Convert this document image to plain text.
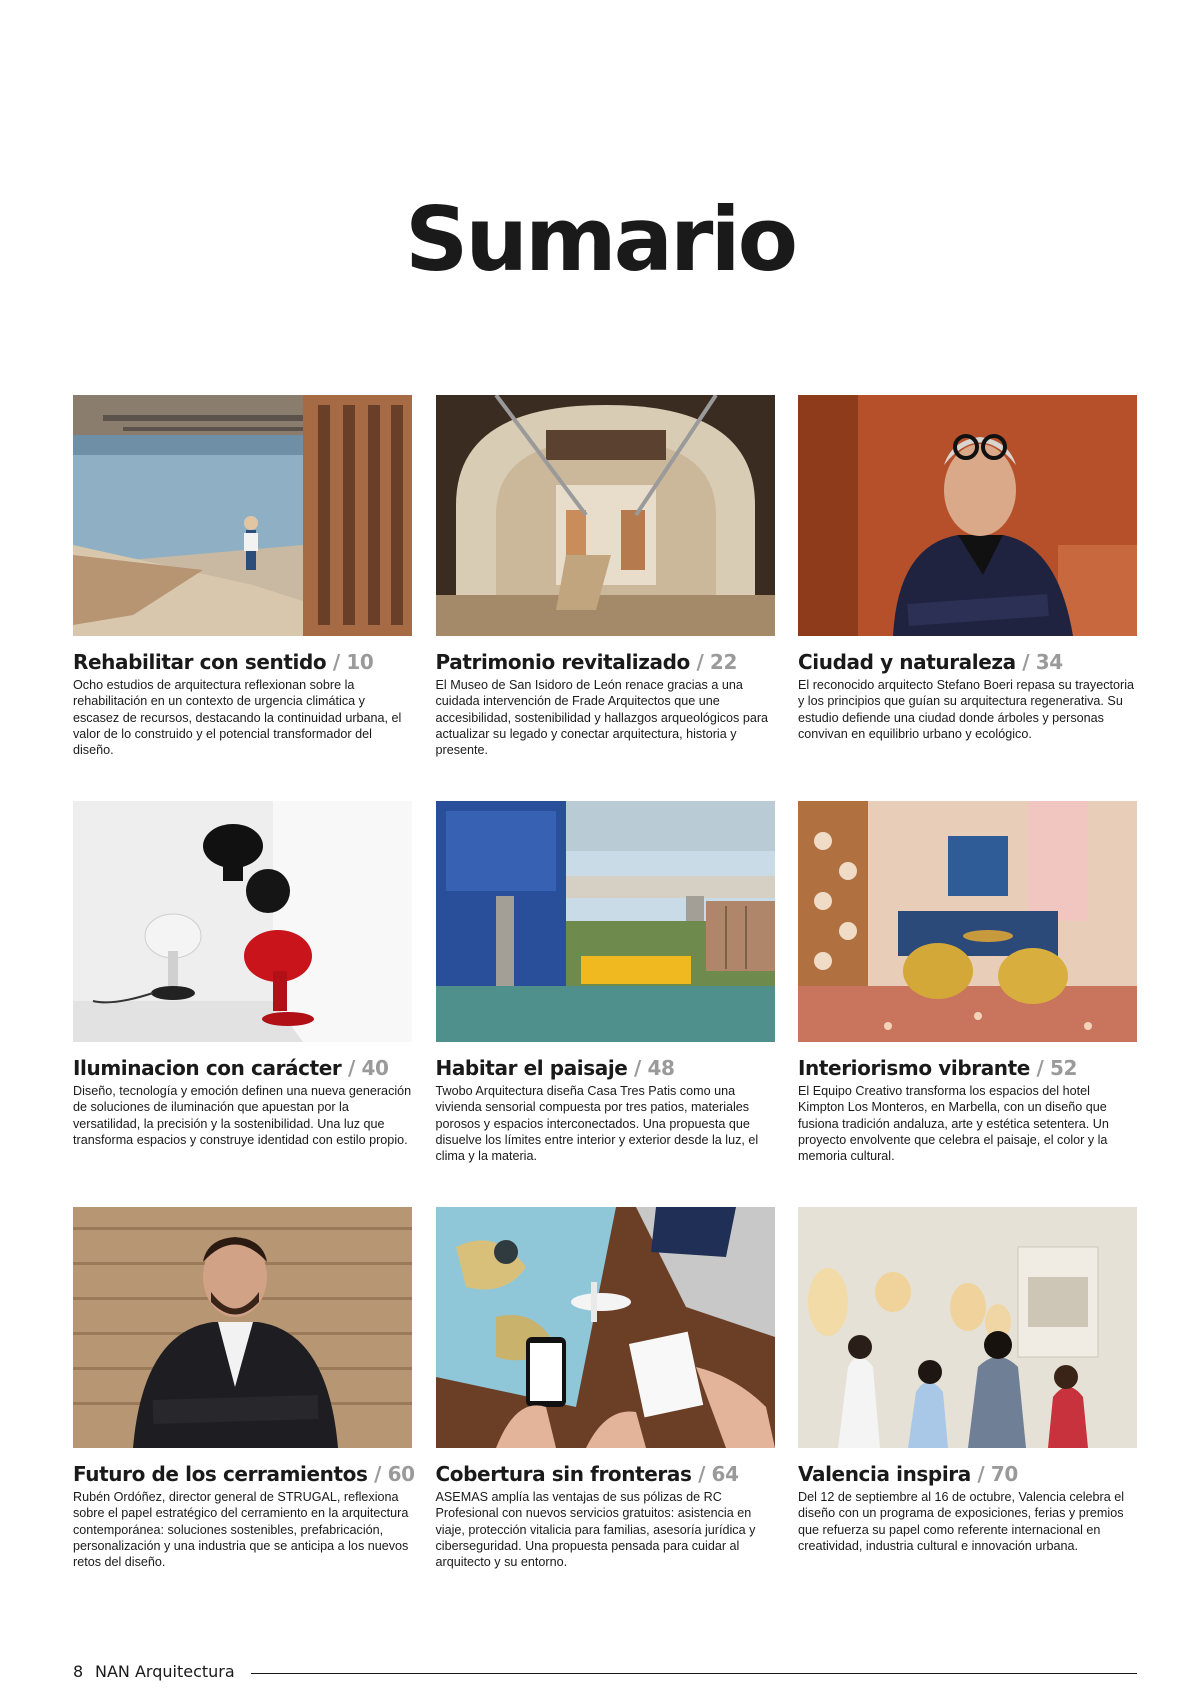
Sumario
Rehabilitar con sentido / 10

Ocho estudios de arquitectura reflexionan sobre la rehabilitación en un contexto de urgencia climática y escasez de recursos, destacando la continuidad urbana, el valor de lo construido y el potencial transformador del diseño.

Patrimonio revitalizado / 22

El Museo de San Isidoro de León renace gracias a una cuidada intervención de Frade Arquitectos que une accesibilidad, sostenibilidad y hallazgos arqueológicos para actualizar su legado y conectar arquitectura, historia y presente.

Ciudad y naturaleza / 34

El reconocido arquitecto Stefano Boeri repasa su trayectoria y los principios que guían su arquitectura regenerativa. Su estudio defiende una ciudad donde árboles y personas convivan en equilibrio urbano y ecológico.

Iluminacion con carácter / 40

Diseño, tecnología y emoción definen una nueva generación de soluciones de iluminación que apuestan por la versatilidad, la precisión y la sostenibilidad. Una luz que transforma espacios y construye identidad con estilo propio.

Habitar el paisaje / 48

Twobo Arquitectura diseña Casa Tres Patis como una vivienda sensorial compuesta por tres patios, materiales porosos y espacios interconectados. Una propuesta que disuelve los límites entre interior y exterior desde la luz, el clima y la materia.

Interiorismo vibrante / 52

El Equipo Creativo transforma los espacios del hotel Kimpton Los Monteros, en Marbella, con un diseño que fusiona tradición andaluza, arte y estética setentera. Un proyecto envolvente que celebra el paisaje, el color y la memoria cultural.

Futuro de los cerramientos / 60

Rubén Ordóñez, director general de STRUGAL, reflexiona sobre el papel estratégico del cerramiento en la arquitectura contemporánea: soluciones sostenibles, prefabricación, personalización y una industria que se anticipa a los nuevos retos del diseño.

Cobertura sin fronteras / 64

ASEMAS amplía las ventajas de sus pólizas de RC Profesional con nuevos servicios gratuitos: asistencia en viaje, protección vitalicia para familias, asesoría jurídica y ciberseguridad. Una propuesta pensada para cuidar al arquitecto y su entorno.

Valencia inspira / 70

Del 12 de septiembre al 16 de octubre, Valencia celebra el diseño con un programa de exposiciones, ferias y premios que refuerza su papel como referente internacional en creatividad, industria cultural e innovación urbana.

8 NAN Arquitectura
